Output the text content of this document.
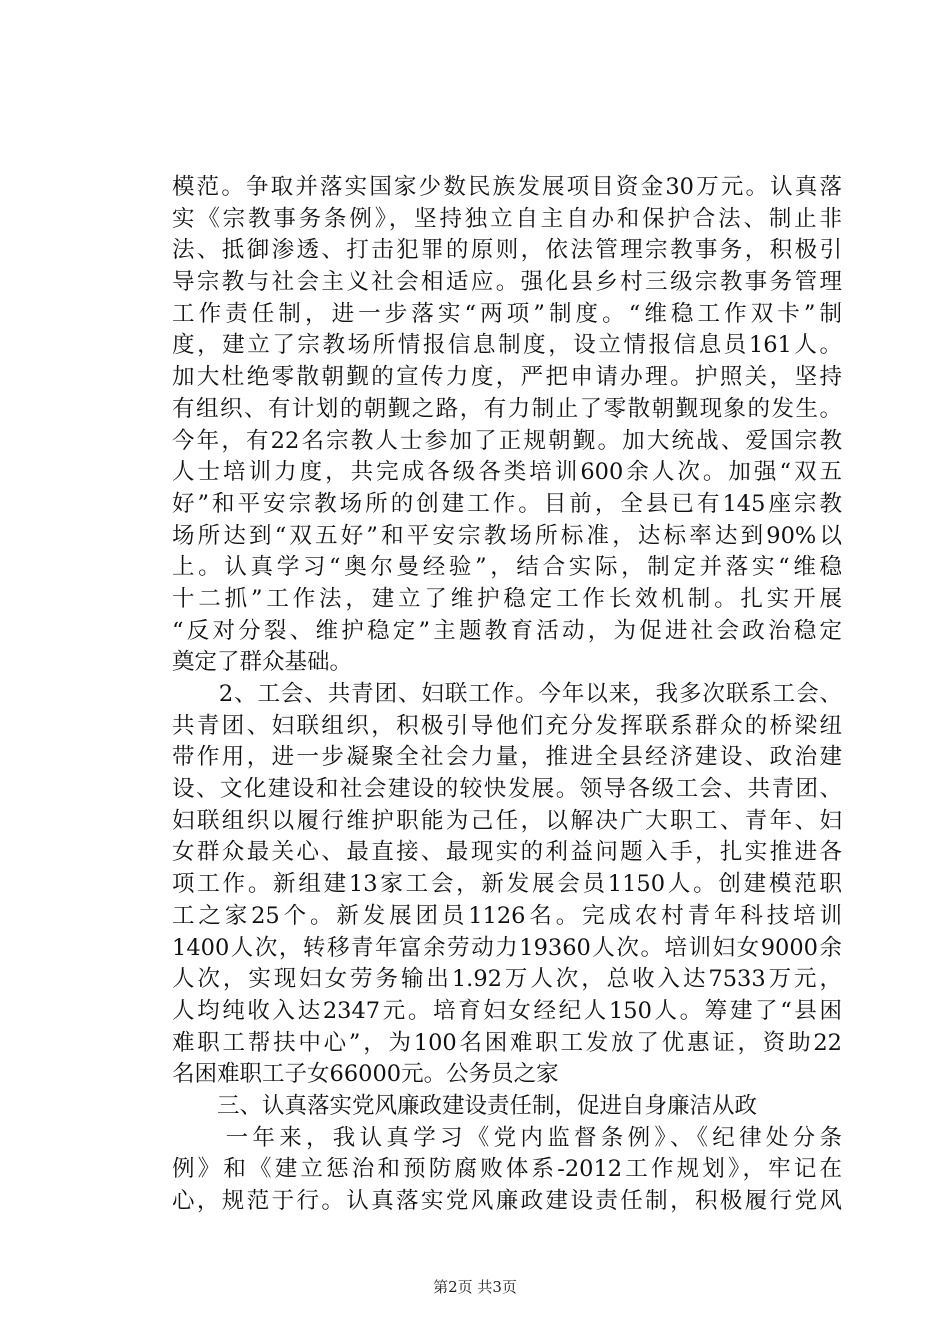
模范。争取并落实国家少数民族发展项目资金30万元。认真落
实《宗教事务条例》，坚持独立自主自办和保护合法、制止非
法、抵御渗透、打击犯罪的原则，依法管理宗教事务，积极引
导宗教与社会主义社会相适应。强化县乡村三级宗教事务管理
工作责任制，进一步落实“两项”制度。“维稳工作双卡”制
度，建立了宗教场所情报信息制度，设立情报信息员161人。
加大杜绝零散朝觐的宣传力度，严把申请办理。护照关，坚持
有组织、有计划的朝觐之路，有力制止了零散朝觐现象的发生。
今年，有22名宗教人士参加了正规朝觐。加大统战、爱国宗教
人士培训力度，共完成各级各类培训600余人次。加强“双五
好”和平安宗教场所的创建工作。目前，全县已有145座宗教
场所达到“双五好”和平安宗教场所标准，达标率达到90%以
上。认真学习“奥尔曼经验”，结合实际，制定并落实“维稳
十二抓”工作法，建立了维护稳定工作长效机制。扎实开展
“反对分裂、维护稳定”主题教育活动，为促进社会政治稳定
奠定了群众基础。
　　2、工会、共青团、妇联工作。今年以来，我多次联系工会、
共青团、妇联组织，积极引导他们充分发挥联系群众的桥梁纽
带作用，进一步凝聚全社会力量，推进全县经济建设、政治建
设、文化建设和社会建设的较快发展。领导各级工会、共青团、
妇联组织以履行维护职能为己任，以解决广大职工、青年、妇
女群众最关心、最直接、最现实的利益问题入手，扎实推进各
项工作。新组建13家工会，新发展会员1150人。创建模范职
工之家25个。新发展团员1126名。完成农村青年科技培训
1400人次，转移青年富余劳动力19360人次。培训妇女9000余
人次，实现妇女劳务输出1.92万人次，总收入达7533万元，
人均纯收入达2347元。培育妇女经纪人150人。筹建了“县困
难职工帮扶中心”，为100名困难职工发放了优惠证，资助22
名困难职工子女66000元。公务员之家
　　三、认真落实党风廉政建设责任制，促进自身廉洁从政
　　一年来，我认真学习《党内监督条例》、《纪律处分条
例》和《建立惩治和预防腐败体系-2012工作规划》，牢记在
心，规范于行。认真落实党风廉政建设责任制，积极履行党风
第2页 共3页
